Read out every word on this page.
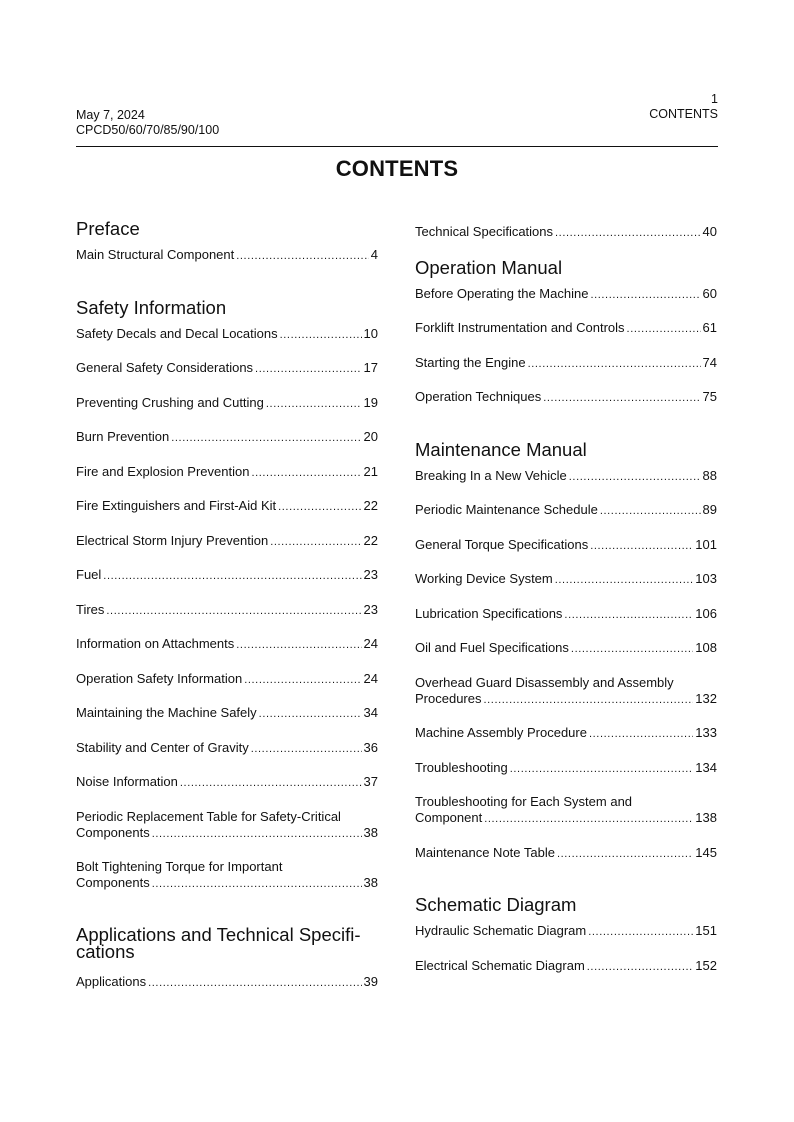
May 7, 2024
CPCD50/60/70/85/90/100
1
CONTENTS
CONTENTS
Preface
Main Structural Component .....	4
Safety Information
Safety Decals and Decal Locations .....	10
General Safety Considerations .....	17
Preventing Crushing and Cutting .....	19
Burn Prevention .....	20
Fire and Explosion Prevention .....	21
Fire Extinguishers and First-Aid Kit .....	22
Electrical Storm Injury Prevention .....	22
Fuel .....	23
Tires .....	23
Information on Attachments .....	24
Operation Safety Information .....	24
Maintaining the Machine Safely .....	34
Stability and Center of Gravity .....	36
Noise Information .....	37
Periodic Replacement Table for Safety-Critical
Components .....	38
Bolt Tightening Torque for Important
Components .....	38
Applications and Technical Specifi-
cations
Applications .....	39
Technical Specifications .....	40
Operation Manual
Before Operating the Machine .....	60
Forklift Instrumentation and Controls .....	61
Starting the Engine .....	74
Operation Techniques .....	75
Maintenance Manual
Breaking In a New Vehicle .....	88
Periodic Maintenance Schedule .....	89
General Torque Specifications .....	101
Working Device System .....	103
Lubrication Specifications .....	106
Oil and Fuel Specifications .....	108
Overhead Guard Disassembly and Assembly
Procedures .....	132
Machine Assembly Procedure .....	133
Troubleshooting .....	134
Troubleshooting for Each System and
Component .....	138
Maintenance Note Table .....	145
Schematic Diagram
Hydraulic Schematic Diagram .....	151
Electrical Schematic Diagram .....	152
